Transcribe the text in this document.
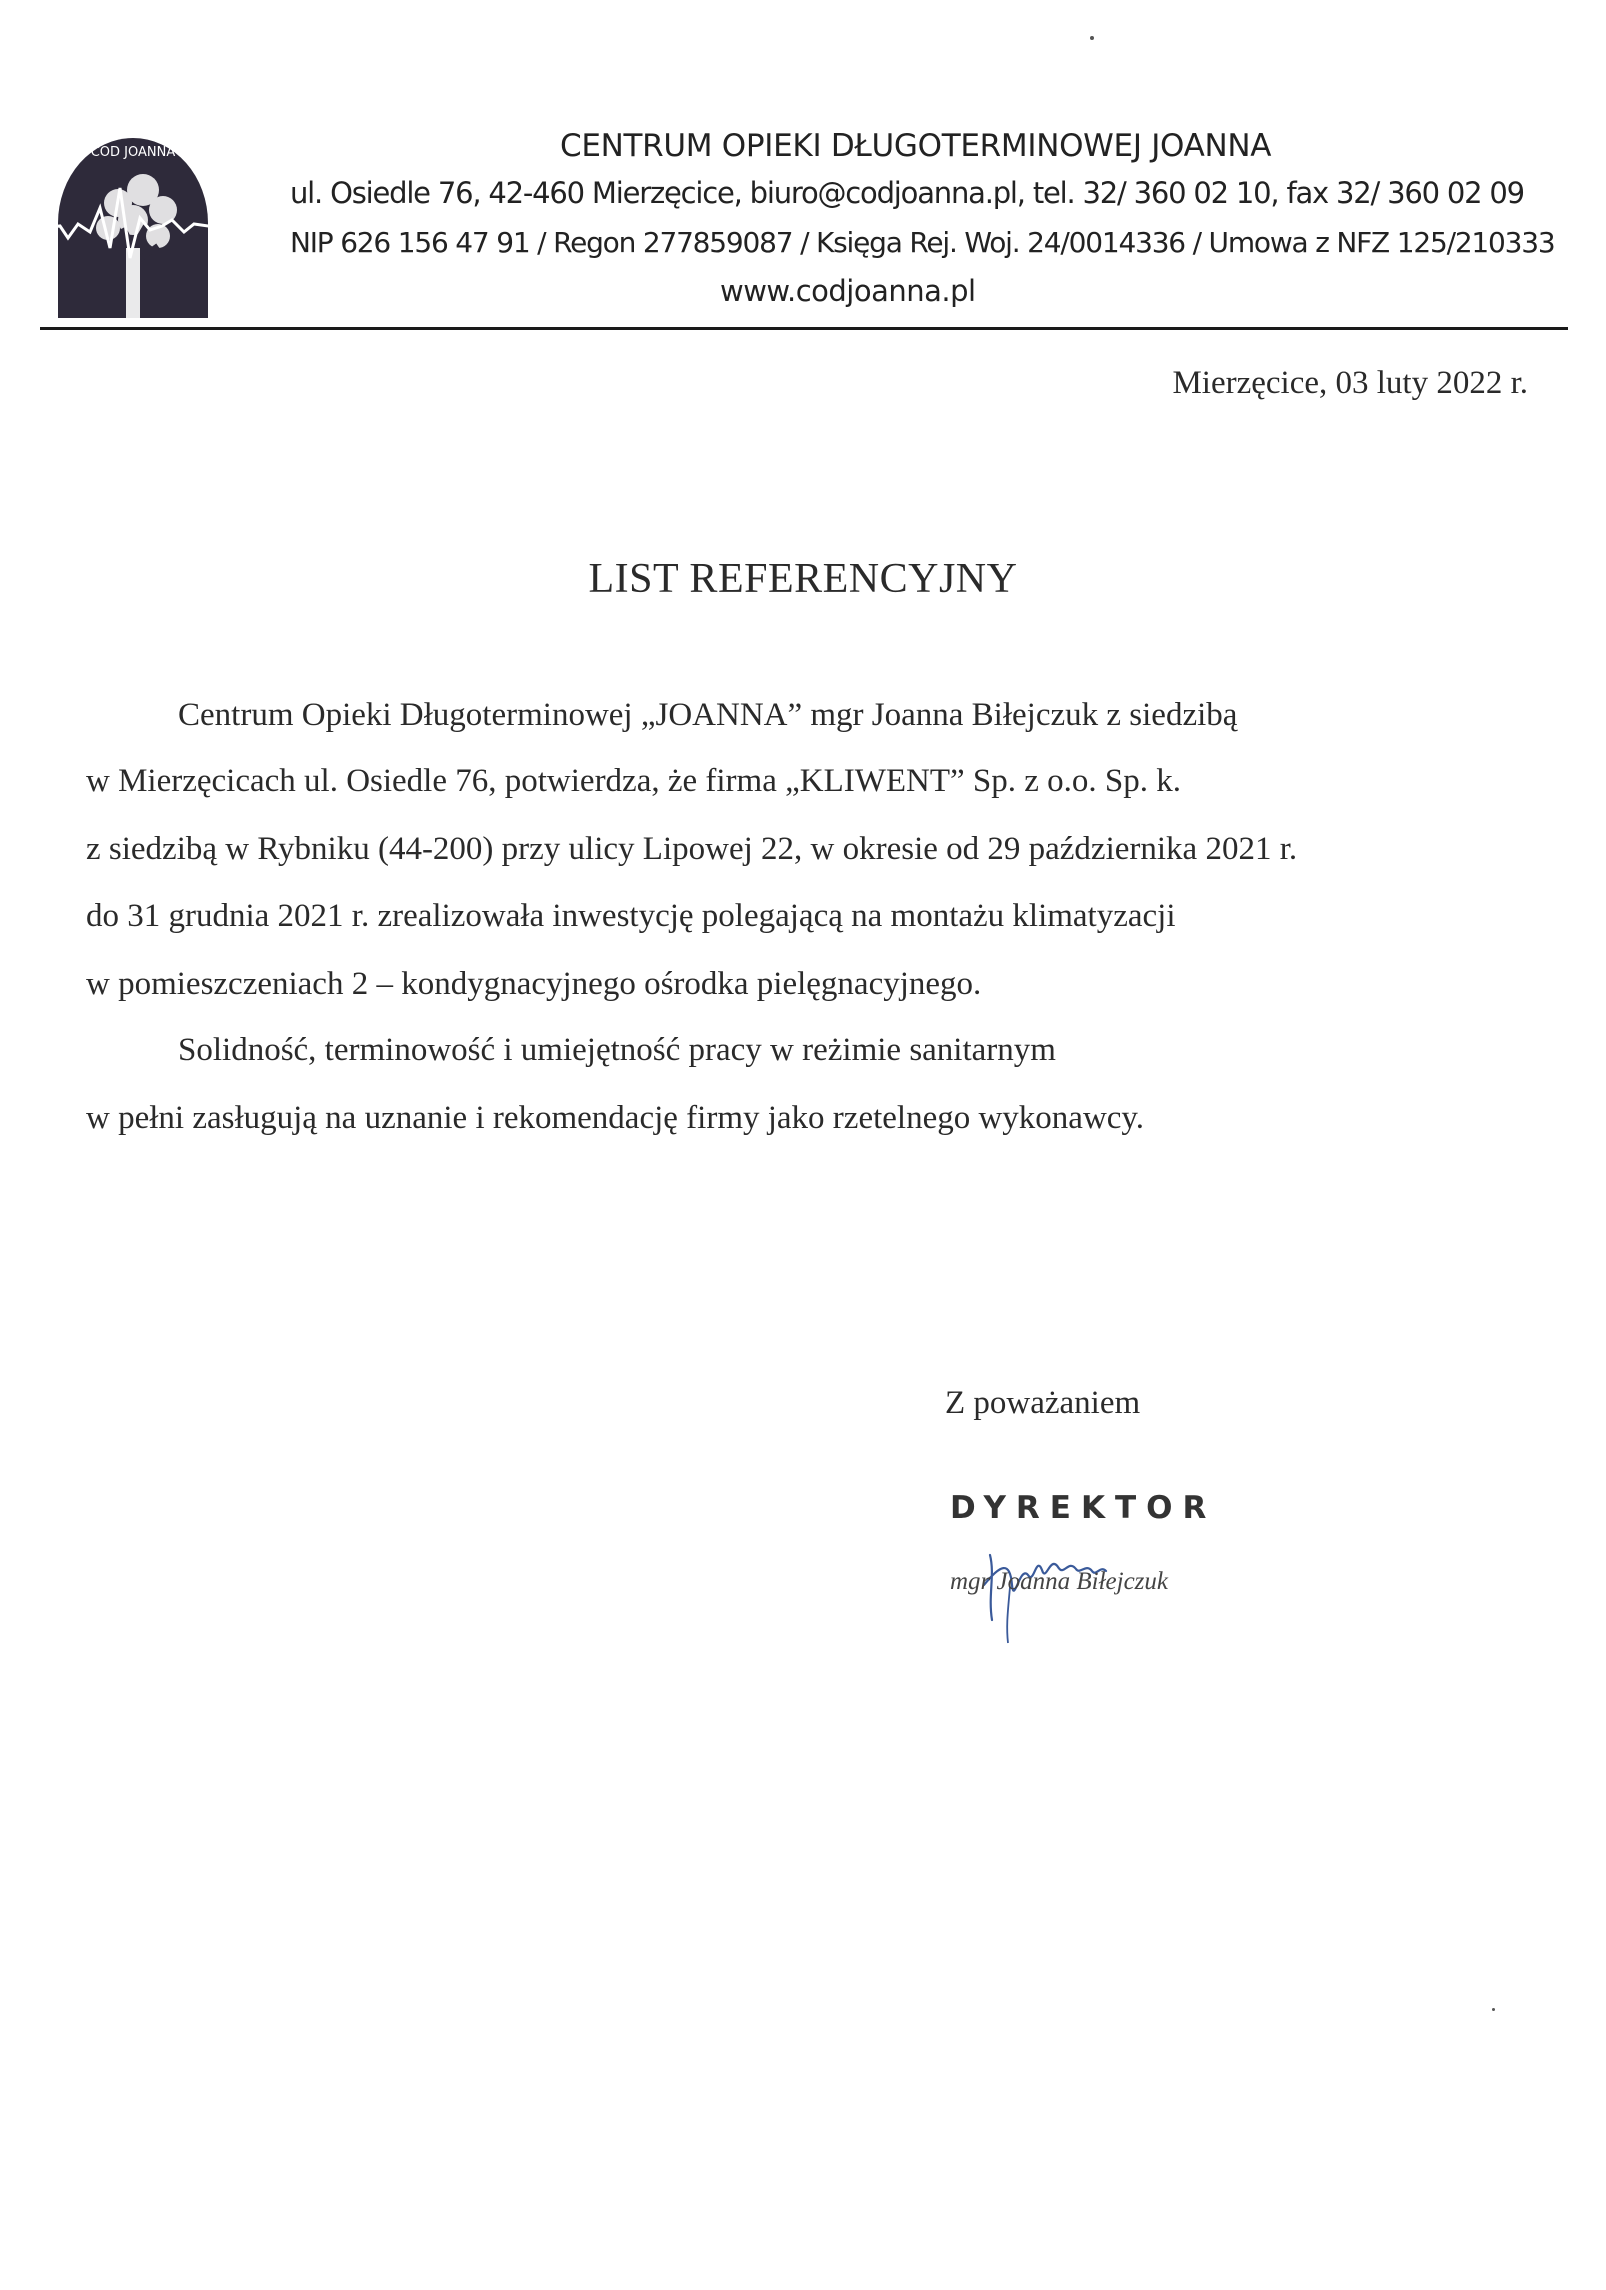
COD JOANNA	CENTRUM OPIEKI DŁUGOTERMINOWEJ JOANNA
ul. Osiedle 76, 42-460 Mierzęcice, biuro@codjoanna.pl, tel. 32/ 360 02 10, fax 32/ 360 02 09
NIP 626 156 47 91 / Regon 277859087 / Księga Rej. Woj. 24/0014336 / Umowa z NFZ 125/210333
www.codjoanna.pl
Mierzęcice, 03 luty 2022 r.
LIST REFERENCYJNY
Centrum Opieki Długoterminowej „JOANNA” mgr Joanna Biłejczuk z siedzibą
w Mierzęcicach ul. Osiedle 76, potwierdza, że firma „KLIWENT” Sp. z o.o. Sp. k.
z siedzibą w Rybniku (44-200) przy ulicy Lipowej 22, w okresie od 29 października 2021 r.
do 31 grudnia 2021 r. zrealizowała inwestycję polegającą na montażu klimatyzacji
w pomieszczeniach 2 – kondygnacyjnego ośrodka pielęgnacyjnego.
Solidność, terminowość i umiejętność pracy w reżimie sanitarnym
w pełni zasługują na uznanie i rekomendację firmy jako rzetelnego wykonawcy.
Z poważaniem
DYREKTOR
mgr Joanna Biłejczuk
